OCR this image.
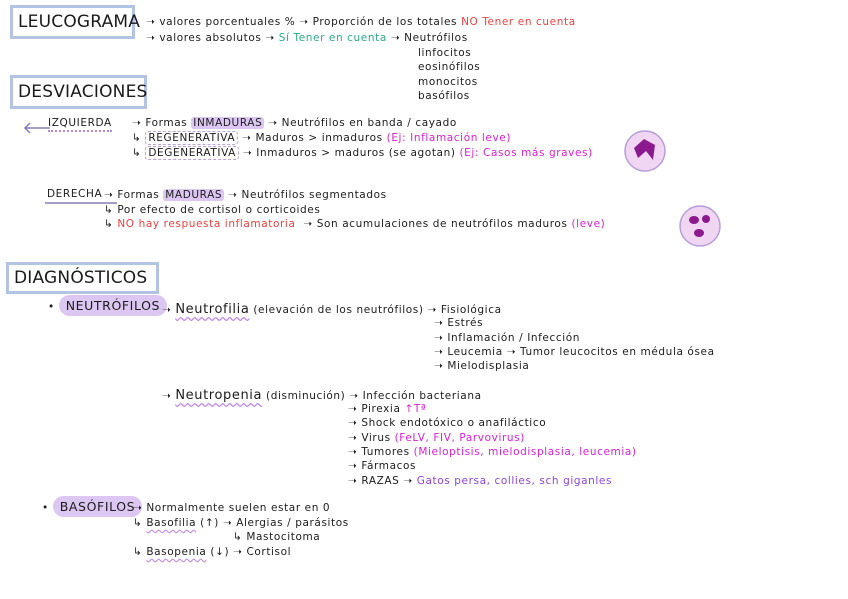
LEUCOGRAMA ➝ valores porcentuales % ➝ Proporción de los totales NO Tener en cuenta
➝ valores absolutos ➝ Sí Tener en cuenta ➝ Neutrófilos
linfocitos
eosinófilos
monocitos
basófilos
DESVIACIONES
IZQUIERDA ➝ Formas INMADURAS ➝ Neutrófilos en banda / cayado
↳ REGENERATIVA ➝ Maduros > inmaduros (Ej: Inflamación leve)
↳ DEGENERATIVA ➝ Inmaduros > maduros (se agotan) (Ej: Casos más graves)
DERECHA ➝ Formas MADURAS ➝ Neutrófilos segmentados
↳ Por efecto de cortisol o corticoides
↳ NO hay respuesta inflamatoria  ➝ Son acumulaciones de neutrófilos maduros (leve)
DIAGNÓSTICOS
• NEUTRÓFILOS ➝ Neutrofilia (elevación de los neutrófilos) ➝ Fisiológica
➝ Estrés
➝ Inflamación / Infección
➝ Leucemia ➝ Tumor leucocitos en médula ósea
➝ Mielodisplasia
➝ Neutropenia (disminución) ➝ Infección bacteriana
➝ Pirexia ↑Tª
➝ Shock endotóxico o anafiláctico
➝ Virus (FeLV, FIV, Parvovirus)
➝ Tumores (Mieloptisis, mielodisplasia, leucemia)
➝ Fármacos
➝ RAZAS ➝ Gatos persa, collies, sch giganles
• BASÓFILOS
➝ Normalmente suelen estar en 0
↳ Basofilia (↑) ➝ Alergias / parásitos
↳ Mastocitoma
↳ Basopenia (↓) ➝ Cortisol
